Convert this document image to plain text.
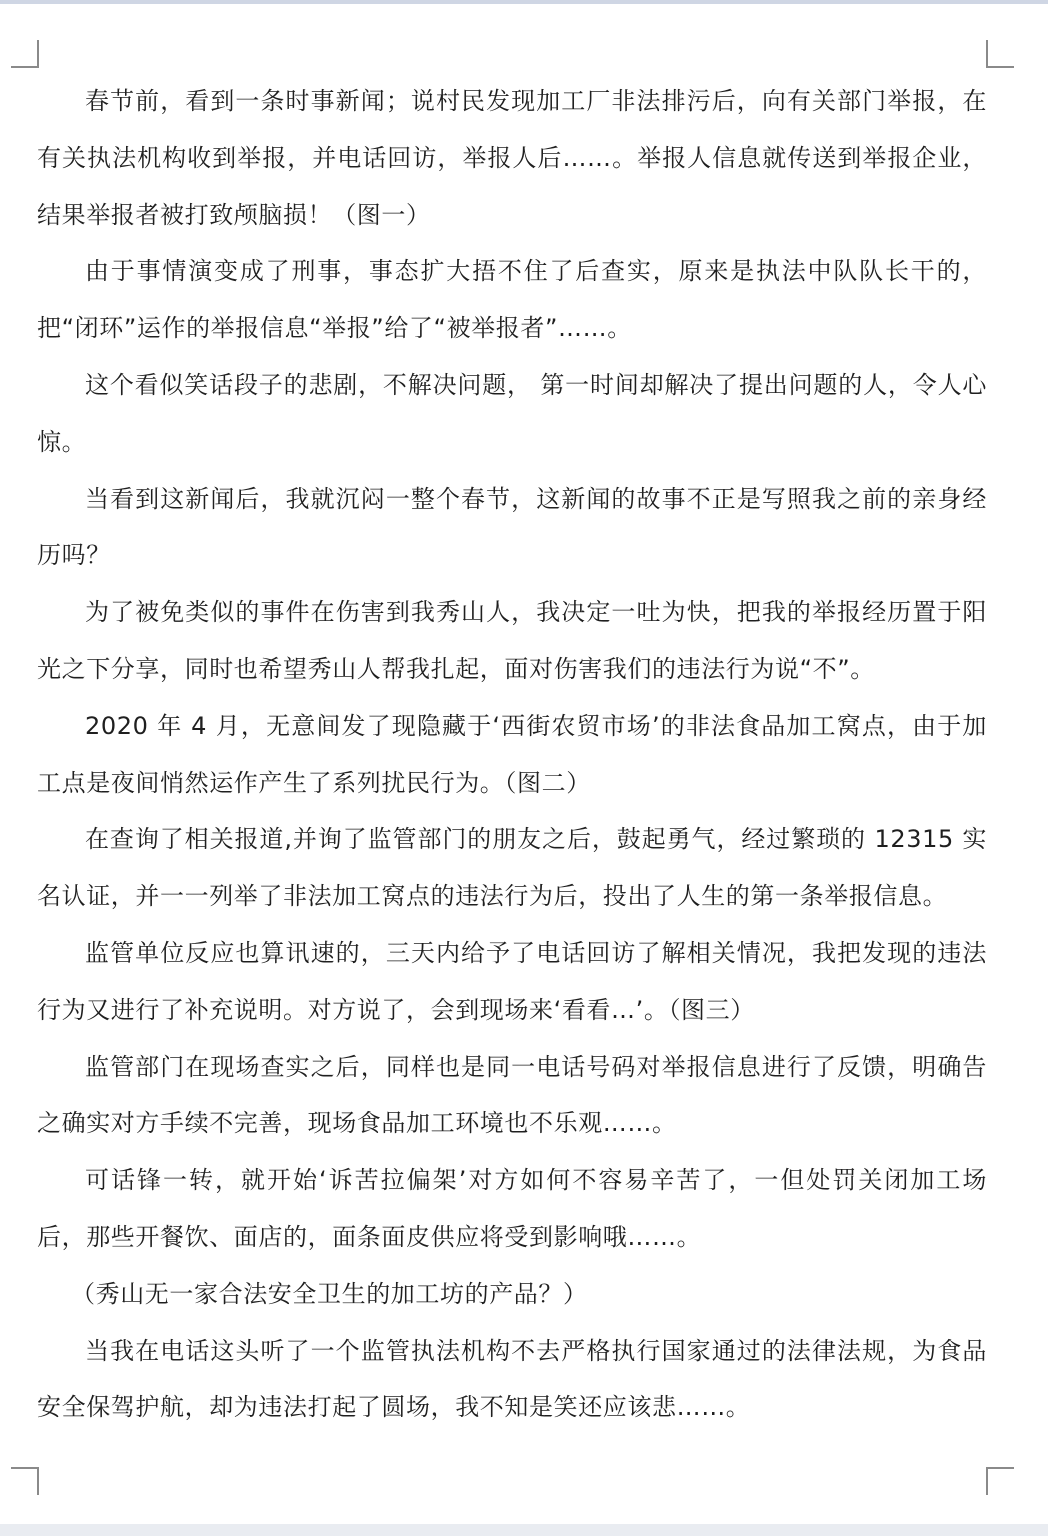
春节前，看到一条时事新闻；说村民发现加工厂非法排污后，向有关部门举报，在有关执法机构收到举报，并电话回访，举报人后……。举报人信息就传送到举报企业，结果举报者被打致颅脑损！（图一）

由于事情演变成了刑事，事态扩大捂不住了后查实，原来是执法中队队长干的，把“闭环”运作的举报信息“举报”给了“被举报者”……。

这个看似笑话段子的悲剧，不解决问题， 第一时间却解决了提出问题的人，令人心惊。

当看到这新闻后，我就沉闷一整个春节，这新闻的故事不正是写照我之前的亲身经历吗？

为了被免类似的事件在伤害到我秀山人，我决定一吐为快，把我的举报经历置于阳光之下分享，同时也希望秀山人帮我扎起，面对伤害我们的违法行为说“不”。

2020 年 4 月，无意间发了现隐藏于‘西街农贸市场’的非法食品加工窝点，由于加工点是夜间悄然运作产生了系列扰民行为。（图二）

在查询了相关报道,并询了监管部门的朋友之后，鼓起勇气，经过繁琐的 12315 实名认证，并一一列举了非法加工窝点的违法行为后，投出了人生的第一条举报信息。

监管单位反应也算讯速的，三天内给予了电话回访了解相关情况，我把发现的违法行为又进行了补充说明。对方说了，会到现场来‘看看…’。（图三）

监管部门在现场查实之后，同样也是同一电话号码对举报信息进行了反馈，明确告之确实对方手续不完善，现场食品加工环境也不乐观……。

可话锋一转，就开始‘诉苦拉偏架’对方如何不容易辛苦了，一但处罚关闭加工场后，那些开餐饮、面店的，面条面皮供应将受到影响哦……。

（秀山无一家合法安全卫生的加工坊的产品？）

当我在电话这头听了一个监管执法机构不去严格执行国家通过的法律法规，为食品安全保驾护航，却为违法打起了圆场，我不知是笑还应该悲……。
